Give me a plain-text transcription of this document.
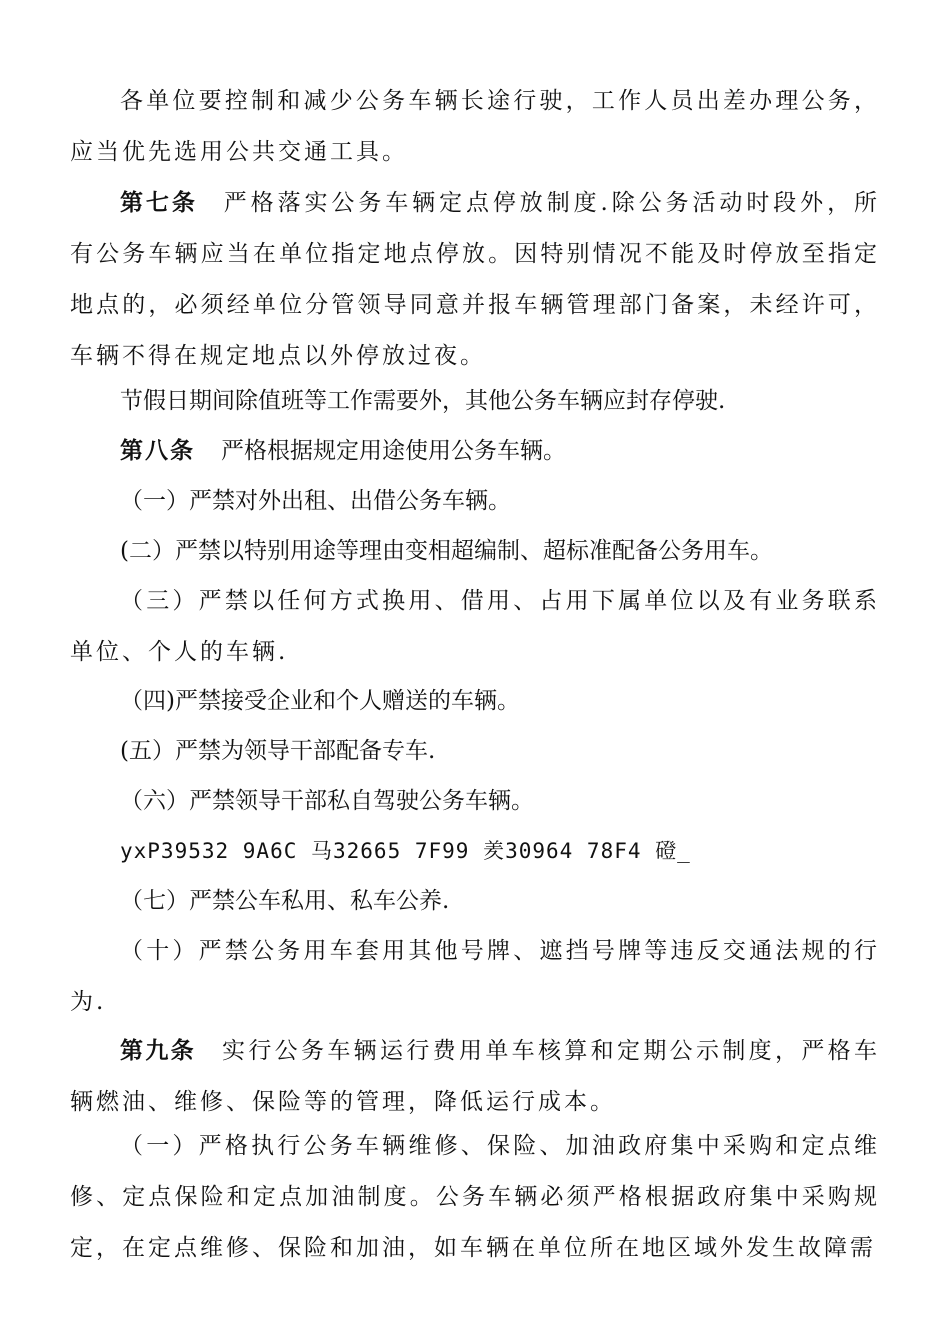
各单位要控制和减少公务车辆长途行驶，工作人员出差办理公务，应当优先选用公共交通工具。

第七条 严格落实公务车辆定点停放制度.除公务活动时段外，所有公务车辆应当在单位指定地点停放。因特别情况不能及时停放至指定地点的，必须经单位分管领导同意并报车辆管理部门备案，未经许可，车辆不得在规定地点以外停放过夜。

节假日期间除值班等工作需要外，其他公务车辆应封存停驶.
第八条 严格根据规定用途使用公务车辆。
（一）严禁对外出租、出借公务车辆。
(二）严禁以特别用途等理由变相超编制、超标准配备公务用车。

（三）严禁以任何方式换用、借用、占用下属单位以及有业务联系单位、个人的车辆.

（四)严禁接受企业和个人赠送的车辆。
(五）严禁为领导干部配备专车.
（六）严禁领导干部私自驾驶公务车辆。
yxP39532 9A6C 马32665 7F99 羑30964 78F4 磴_
（七）严禁公车私用、私车公养.

（十）严禁公务用车套用其他号牌、遮挡号牌等违反交通法规的行为.

第九条 实行公务车辆运行费用单车核算和定期公示制度，严格车辆燃油、维修、保险等的管理，降低运行成本。

（一）严格执行公务车辆维修、保险、加油政府集中采购和定点维修、定点保险和定点加油制度。公务车辆必须严格根据政府集中采购规定，在定点维修、保险和加油，如车辆在单位所在地区域外发生故障需
